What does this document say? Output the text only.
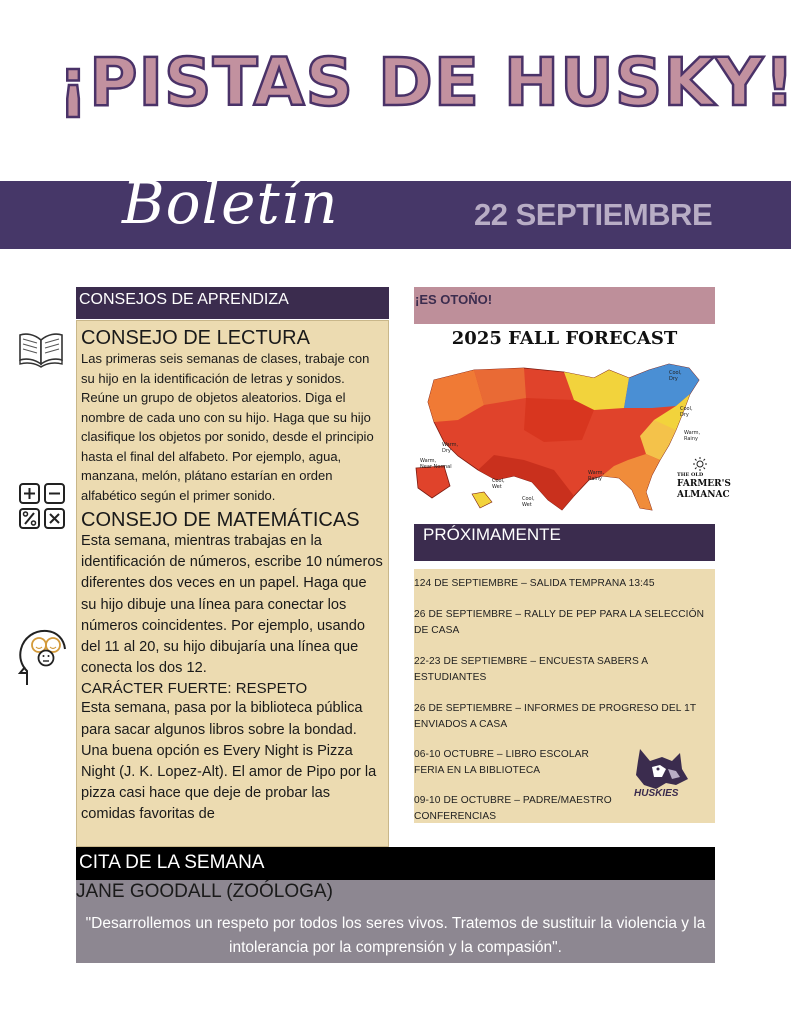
¡PISTAS DE HUSKY!
Boletín	22 SEPTIEMBRE
CONSEJOS DE APRENDIZA
CONSEJO DE LECTURA
Las primeras seis semanas de clases, trabaje con su hijo en la identificación de letras y sonidos. Reúne un grupo de objetos aleatorios. Diga el nombre de cada uno con su hijo. Haga que su hijo clasifique los objetos por sonido, desde el principio hasta el final del alfabeto. Por ejemplo, agua, manzana, melón, plátano estarían en orden alfabético según el primer sonido.
CONSEJO DE MATEMÁTICAS
Esta semana, mientras trabajas en la identificación de números, escribe 10 números diferentes dos veces en un papel. Haga que su hijo dibuje una línea para conectar los números coincidentes. Por ejemplo, usando del 11 al 20, su hijo dibujaría una línea que conecta los dos 12.
CARÁCTER FUERTE: RESPETO
Esta semana, pasa por la biblioteca pública para sacar algunos libros sobre la bondad. Una buena opción es Every Night is Pizza Night (J. K. Lopez-Alt). El amor de Pipo por la pizza casi hace que deje de probar las comidas favoritas de
¡ES OTOÑO!
2025 FALL FORECAST
Warm,
Near Normal
Warm,
Dry
Cool,
Wet
Cool,
Wet
Warm,
Rainy
Cool,
Dry
Warm,
Rainy
Cool,
Dry
THE OLD
FARMER'S
ALMANAC
PRÓXIMAMENTE
124 DE SEPTIEMBRE – SALIDA TEMPRANA 13:45
26 DE SEPTIEMBRE – RALLY DE PEP PARA LA SELECCIÓN DE CASA
22-23 DE SEPTIEMBRE – ENCUESTA SABERS A ESTUDIANTES
26 DE SEPTIEMBRE – INFORMES DE PROGRESO DEL 1T ENVIADOS A CASA
06-10 OCTUBRE – LIBRO ESCOLAR FERIA EN LA BIBLIOTECA
09-10 DE OCTUBRE – PADRE/MAESTRO CONFERENCIAS
HUSKIES
CITA DE LA SEMANA
JANE GOODALL (ZOÓLOGA)
"Desarrollemos un respeto por todos los seres vivos. Tratemos de sustituir la violencia y la intolerancia por la comprensión y la compasión".
